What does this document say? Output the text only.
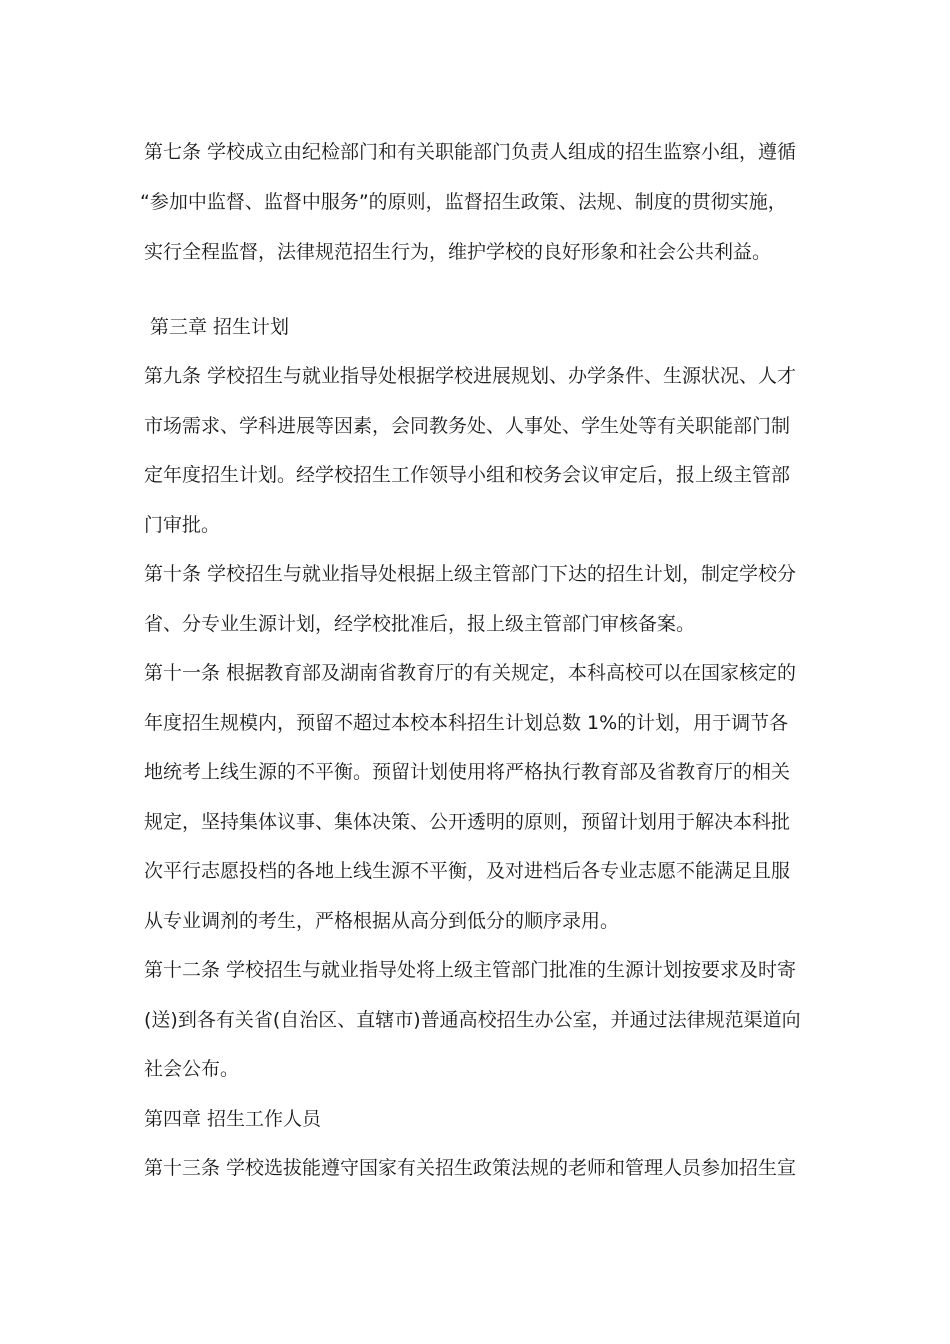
第七条 学校成立由纪检部门和有关职能部门负责人组成的招生监察小组，遵循
“参加中监督、监督中服务”的原则，监督招生政策、法规、制度的贯彻实施，
实行全程监督，法律规范招生行为，维护学校的良好形象和社会公共利益。
第三章 招生计划
第九条 学校招生与就业指导处根据学校进展规划、办学条件、生源状况、人才
市场需求、学科进展等因素，会同教务处、人事处、学生处等有关职能部门制
定年度招生计划。经学校招生工作领导小组和校务会议审定后，报上级主管部
门审批。
第十条 学校招生与就业指导处根据上级主管部门下达的招生计划，制定学校分
省、分专业生源计划，经学校批准后，报上级主管部门审核备案。
第十一条 根据教育部及湖南省教育厅的有关规定，本科高校可以在国家核定的
年度招生规模内，预留不超过本校本科招生计划总数 1%的计划，用于调节各
地统考上线生源的不平衡。预留计划使用将严格执行教育部及省教育厅的相关
规定，坚持集体议事、集体决策、公开透明的原则，预留计划用于解决本科批
次平行志愿投档的各地上线生源不平衡，及对进档后各专业志愿不能满足且服
从专业调剂的考生，严格根据从高分到低分的顺序录用。
第十二条 学校招生与就业指导处将上级主管部门批准的生源计划按要求及时寄
(送)到各有关省(自治区、直辖市)普通高校招生办公室，并通过法律规范渠道向
社会公布。
第四章 招生工作人员
第十三条 学校选拔能遵守国家有关招生政策法规的老师和管理人员参加招生宣
